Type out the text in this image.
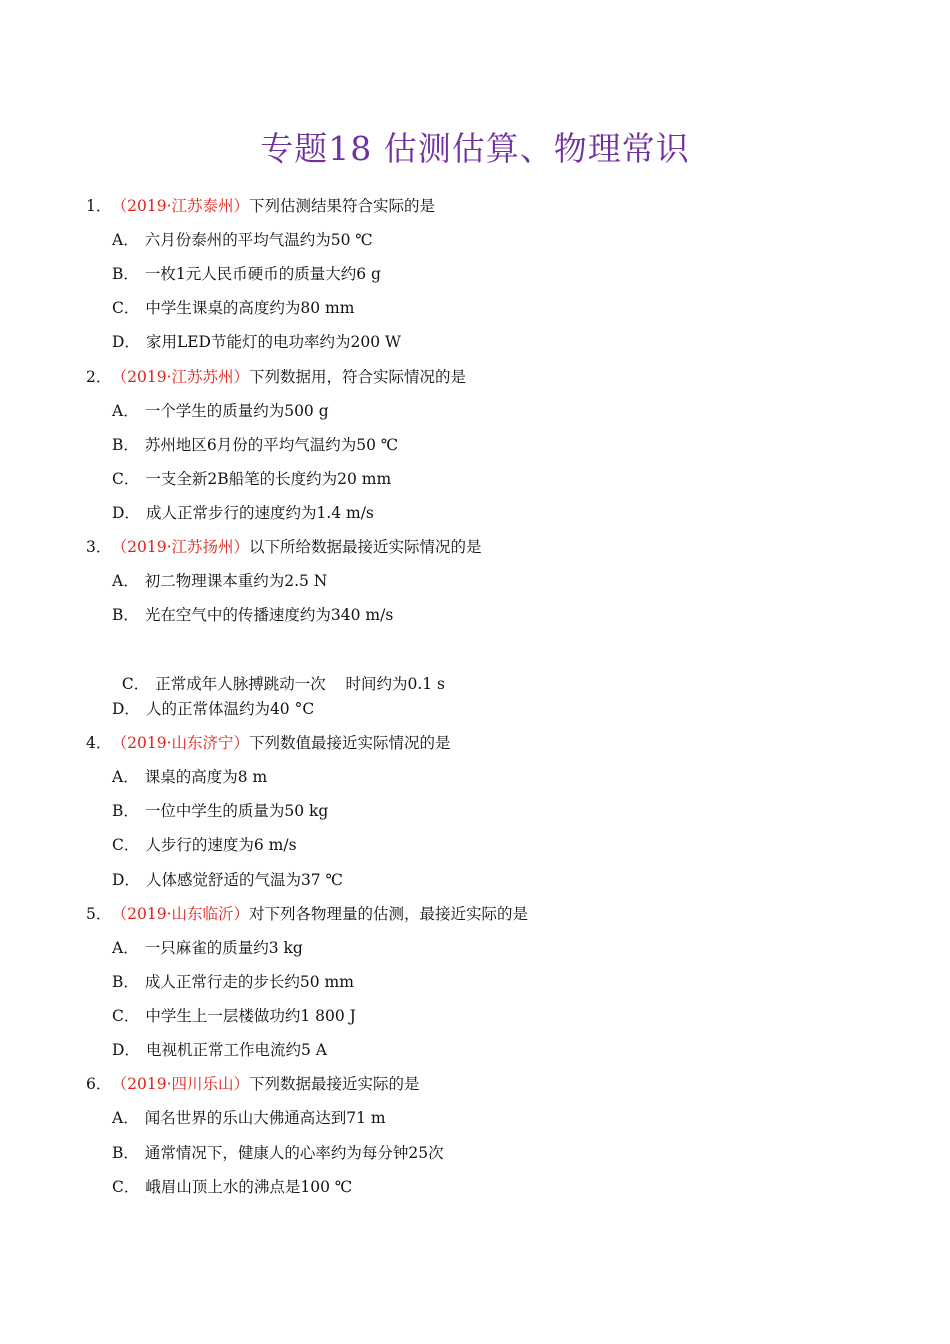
专题18 估测估算、物理常识
1． （2019·江苏泰州）下列估测结果符合实际的是
A． 六月份泰州的平均气温约为50 ℃
B． 一枚1元人民币硬币的质量大约6 g
C． 中学生课桌的高度约为80 mm
D． 家用LED节能灯的电功率约为200 W
2． （2019·江苏苏州）下列数据用，符合实际情况的是
A． 一个学生的质量约为500 g
B． 苏州地区6月份的平均气温约为50 ℃
C． 一支全新2B船笔的长度约为20 mm
D． 成人正常步行的速度约为1.4 m/s
3． （2019·江苏扬州）以下所给数据最接近实际情况的是
A． 初二物理课本重约为2.5 N
B． 光在空气中的传播速度约为340 m/s

C． 正常成年人脉搏跳动一次    时间约为0.1 s

D． 人的正常体温约为40 °C
4． （2019·山东济宁）下列数值最接近实际情况的是
A． 课桌的高度为8 m
B． 一位中学生的质量为50 kg
C． 人步行的速度为6 m/s
D． 人体感觉舒适的气温为37 ℃
5． （2019·山东临沂）对下列各物理量的估测，最接近实际的是
A． 一只麻雀的质量约3 kg
B． 成人正常行走的步长约50 mm
C． 中学生上一层楼做功约1 800 J
D． 电视机正常工作电流约5 A
6． （2019·四川乐山）下列数据最接近实际的是
A． 闻名世界的乐山大佛通高达到71 m
B． 通常情况下，健康人的心率约为每分钟25次
C． 峨眉山顶上水的沸点是100 ℃
